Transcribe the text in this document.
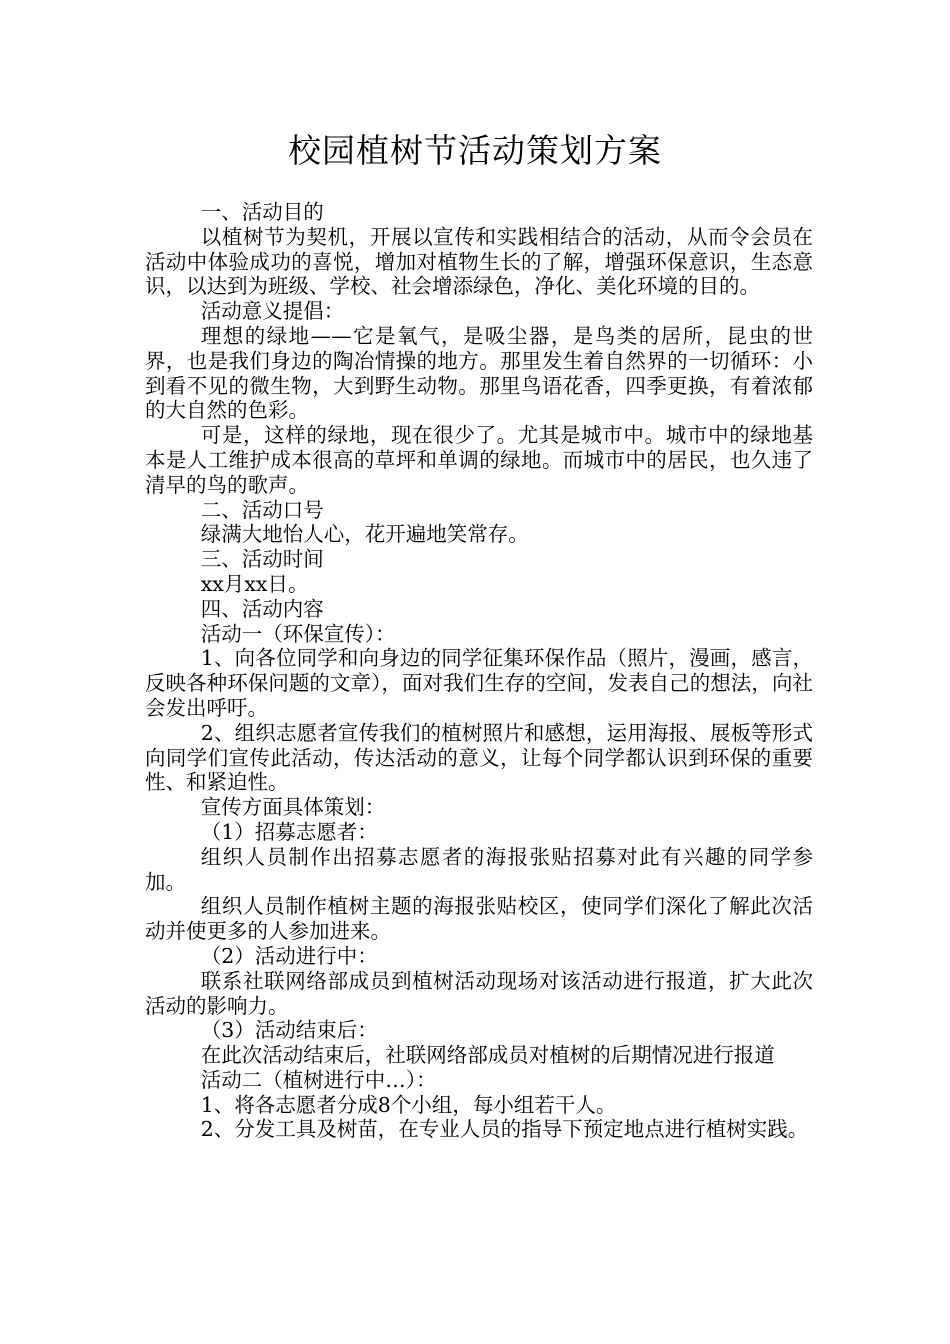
校园植树节活动策划方案

一、活动目的

以植树节为契机，开展以宣传和实践相结合的活动，从而令会员在活动中体验成功的喜悦，增加对植物生长的了解，增强环保意识，生态意识，以达到为班级、学校、社会增添绿色，净化、美化环境的目的。

活动意义提倡：

理想的绿地——它是氧气，是吸尘器，是鸟类的居所，昆虫的世界，也是我们身边的陶冶情操的地方。那里发生着自然界的一切循环：小到看不见的微生物，大到野生动物。那里鸟语花香，四季更换，有着浓郁的大自然的色彩。

可是，这样的绿地，现在很少了。尤其是城市中。城市中的绿地基本是人工维护成本很高的草坪和单调的绿地。而城市中的居民，也久违了清早的鸟的歌声。

二、活动口号

绿满大地怡人心，花开遍地笑常存。

三、活动时间

xx月xx日。

四、活动内容

活动一（环保宣传）：

1、向各位同学和向身边的同学征集环保作品（照片，漫画，感言，反映各种环保问题的文章），面对我们生存的空间，发表自己的想法，向社会发出呼吁。

2、组织志愿者宣传我们的植树照片和感想，运用海报、展板等形式向同学们宣传此活动，传达活动的意义，让每个同学都认识到环保的重要性、和紧迫性。

宣传方面具体策划：

（1）招募志愿者：

组织人员制作出招募志愿者的海报张贴招募对此有兴趣的同学参加。

组织人员制作植树主题的海报张贴校区，使同学们深化了解此次活动并使更多的人参加进来。

（2）活动进行中：

联系社联网络部成员到植树活动现场对该活动进行报道，扩大此次活动的影响力。

（3）活动结束后：

在此次活动结束后，社联网络部成员对植树的后期情况进行报道

活动二（植树进行中…）：

1、将各志愿者分成8个小组，每小组若干人。

2、分发工具及树苗，在专业人员的指导下预定地点进行植树实践。
